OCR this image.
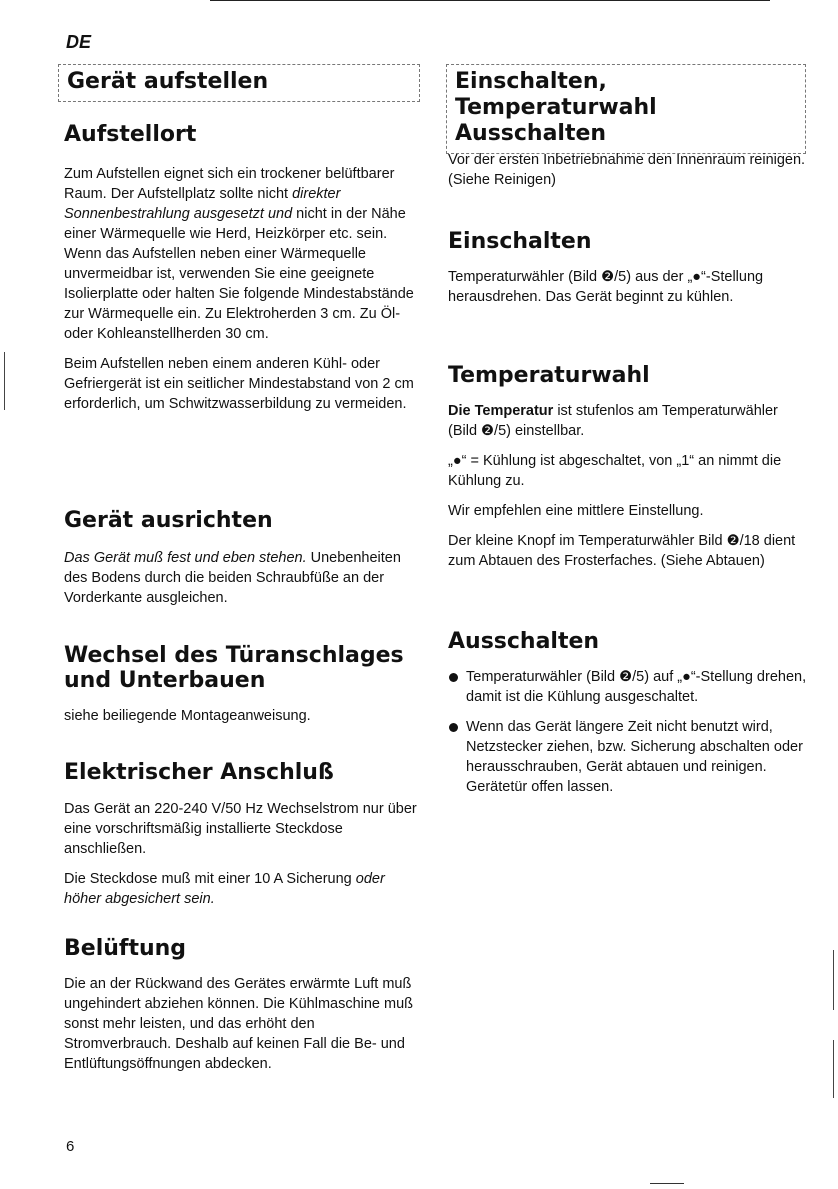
DE
Gerät aufstellen
Aufstellort

Zum Aufstellen eignet sich ein trockener belüftbarer Raum. Der Aufstellplatz sollte nicht direkter Sonnenbestrahlung ausgesetzt und nicht in der Nähe einer Wärmequelle wie Herd, Heizkörper etc. sein. Wenn das Aufstellen neben einer Wärmequelle unvermeidbar ist, verwenden Sie eine geeignete Isolierplatte oder halten Sie folgende Mindestabstände zur Wärmequelle ein. Zu Elektroherden 3 cm. Zu Öl- oder Kohleanstellherden 30 cm.

Beim Aufstellen neben einem anderen Kühl- oder Gefriergerät ist ein seitlicher Mindestabstand von 2 cm erforderlich, um Schwitzwasserbildung zu vermeiden.

Gerät ausrichten

Das Gerät muß fest und eben stehen. Unebenheiten des Bodens durch die beiden Schraubfüße an der Vorderkante ausgleichen.

Wechsel des Türanschlages und Unterbauen

siehe beiliegende Montageanweisung.

Elektrischer Anschluß

Das Gerät an 220-240 V/50 Hz Wechselstrom nur über eine vorschriftsmäßig installierte Steckdose anschließen.

Die Steckdose muß mit einer 10 A Sicherung oder höher abgesichert sein.

Belüftung

Die an der Rückwand des Gerätes erwärmte Luft muß ungehindert abziehen können. Die Kühlmaschine muß sonst mehr leisten, und das erhöht den Stromverbrauch. Deshalb auf keinen Fall die Be- und Entlüftungsöffnungen abdecken.

Einschalten, Temperaturwahl Ausschalten

Vor der ersten Inbetriebnahme den Innenraum reinigen. (Siehe Reinigen)

Einschalten

Temperaturwähler (Bild ❷/5) aus der „●“-Stellung herausdrehen. Das Gerät beginnt zu kühlen.

Temperaturwahl

Die Temperatur ist stufenlos am Temperaturwähler (Bild ❷/5) einstellbar.

„●“ = Kühlung ist abgeschaltet, von „1“ an nimmt die Kühlung zu.

Wir empfehlen eine mittlere Einstellung.

Der kleine Knopf im Temperaturwähler Bild ❷/18 dient zum Abtauen des Frosterfaches. (Siehe Abtauen)

Ausschalten
Temperaturwähler (Bild ❷/5) auf „●“-Stellung drehen, damit ist die Kühlung ausgeschaltet.
Wenn das Gerät längere Zeit nicht benutzt wird, Netzstecker ziehen, bzw. Sicherung abschalten oder herausschrauben, Gerät abtauen und reinigen. Gerätetür offen lassen.
6
